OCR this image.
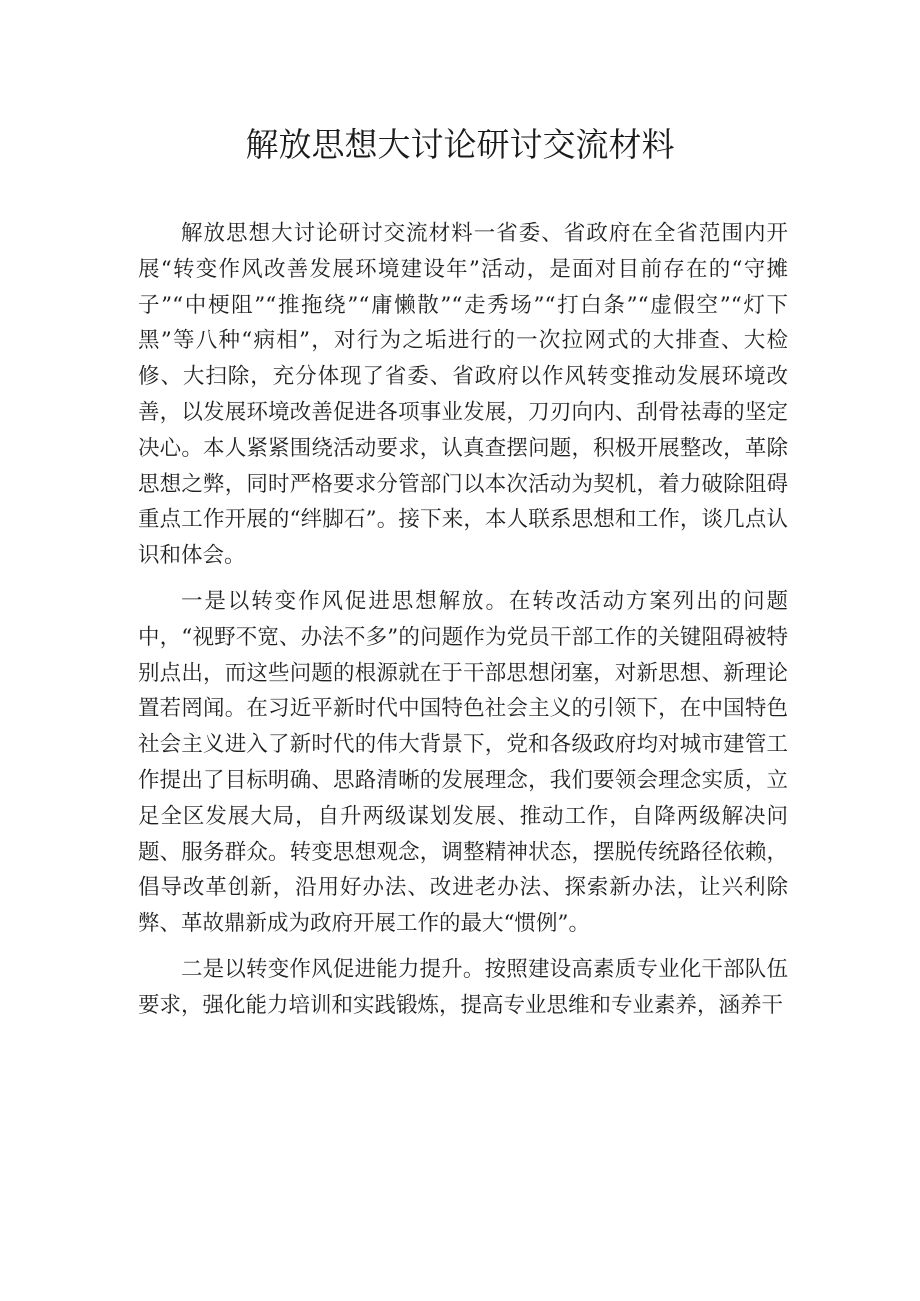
解放思想大讨论研讨交流材料

解放思想大讨论研讨交流材料一省委、省政府在全省范围内开展“转变作风改善发展环境建设年”活动，是面对目前存在的“守摊子”“中梗阻”“推拖绕”“庸懒散”“走秀场”“打白条”“虚假空”“灯下黑”等八种“病相”，对行为之垢进行的一次拉网式的大排查、大检修、大扫除，充分体现了省委、省政府以作风转变推动发展环境改善，以发展环境改善促进各项事业发展，刀刃向内、刮骨祛毒的坚定决心。本人紧紧围绕活动要求，认真查摆问题，积极开展整改，革除思想之弊，同时严格要求分管部门以本次活动为契机，着力破除阻碍重点工作开展的“绊脚石”。接下来，本人联系思想和工作，谈几点认识和体会。

一是以转变作风促进思想解放。在转改活动方案列出的问题中，“视野不宽、办法不多”的问题作为党员干部工作的关键阻碍被特别点出，而这些问题的根源就在于干部思想闭塞，对新思想、新理论置若罔闻。在习近平新时代中国特色社会主义的引领下，在中国特色社会主义进入了新时代的伟大背景下，党和各级政府均对城市建管工作提出了目标明确、思路清晰的发展理念，我们要领会理念实质，立足全区发展大局，自升两级谋划发展、推动工作，自降两级解决问题、服务群众。转变思想观念，调整精神状态，摆脱传统路径依赖，倡导改革创新，沿用好办法、改进老办法、探索新办法，让兴利除弊、革故鼎新成为政府开展工作的最大“惯例”。

二是以转变作风促进能力提升。按照建设高素质专业化干部队伍要求，强化能力培训和实践锻炼，提高专业思维和专业素养，涵养干
